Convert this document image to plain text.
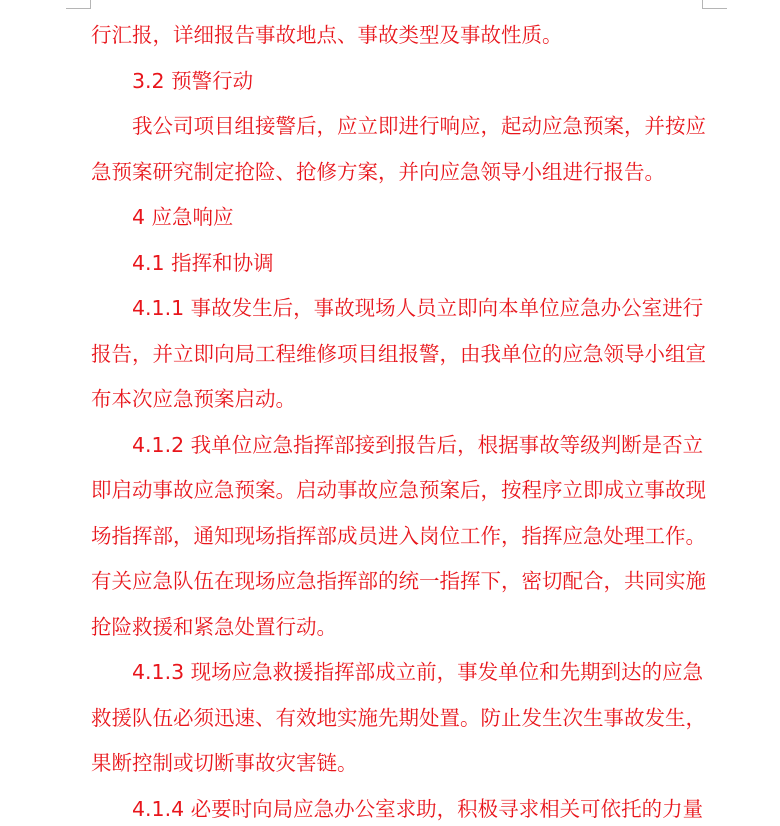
行汇报，详细报告事故地点、事故类型及事故性质。

3.2 预警行动

我公司项目组接警后，应立即进行响应，起动应急预案，并按应

急预案研究制定抢险、抢修方案，并向应急领导小组进行报告。

4 应急响应

4.1 指挥和协调

4.1.1 事故发生后，事故现场人员立即向本单位应急办公室进行

报告，并立即向局工程维修项目组报警，由我单位的应急领导小组宣

布本次应急预案启动。

4.1.2 我单位应急指挥部接到报告后，根据事故等级判断是否立

即启动事故应急预案。启动事故应急预案后，按程序立即成立事故现

场指挥部，通知现场指挥部成员进入岗位工作，指挥应急处理工作。

有关应急队伍在现场应急指挥部的统一指挥下，密切配合，共同实施

抢险救援和紧急处置行动。

4.1.3 现场应急救援指挥部成立前，事发单位和先期到达的应急

救援队伍必须迅速、有效地实施先期处置。防止发生次生事故发生，

果断控制或切断事故灾害链。

4.1.4 必要时向局应急办公室求助，积极寻求相关可依托的力量
